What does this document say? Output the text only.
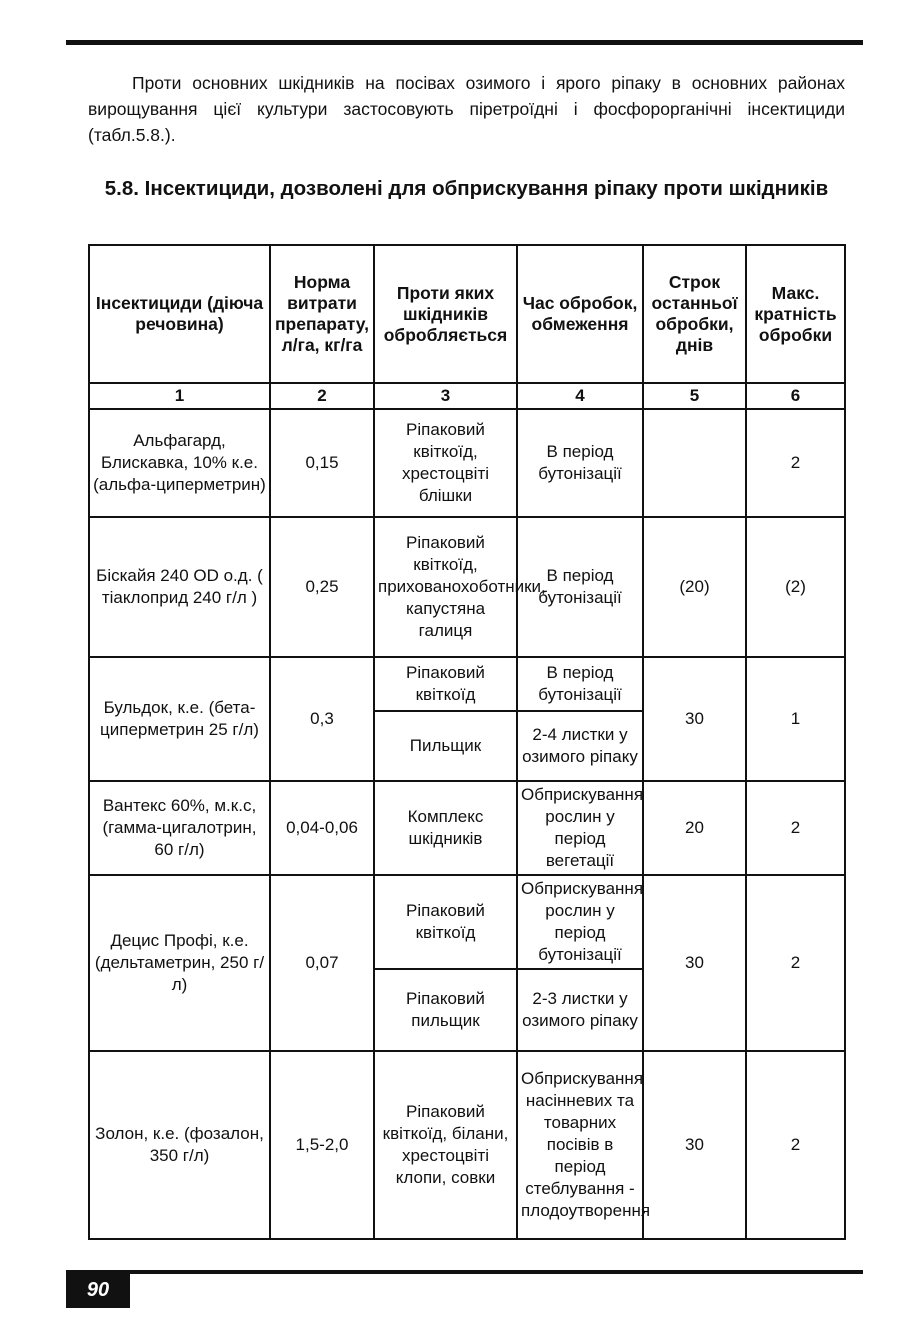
Проти основних шкідників на посівах озимого і ярого ріпаку в основних районах вирощування цієї культури застосовують піретроїдні і фосфорорганічні інсектициди (табл.5.8.).

5.8. Інсектициди, дозволені для обприскування ріпаку проти шкідників
Інсектициди (діюча речовина)	Норма витрати препарату, л/га, кг/га	Проти яких шкідників обробляється	Час обробок, обмеження	Строк останньої обробки, днів	Макс. кратність обробки
1	2	3	4	5	6
Альфагард, Блискавка, 10% к.е. (альфа-циперметрин)	0,15	Ріпаковий квіткоїд, хрестоцвіті блішки	В період бутонізації		2
Біскайя 240 OD о.д. ( тіаклоприд 240 г/л )	0,25	Ріпаковий квіткоїд, прихованохоботники, капустяна галиця	В період бутонізації	(20)	(2)
Бульдок, к.е. (бета-циперметрин 25 г/л)	0,3	Ріпаковий квіткоїд	В період бутонізації	30	1
		Пильщик	2-4 листки у озимого ріпаку		
Вантекс 60%, м.к.с, (гамма-цигалотрин, 60 г/л)	0,04-0,06	Комплекс шкідників	Обприскування рослин у період вегетації	20	2
Децис Профі, к.е. (дельтаметрин, 250 г/л)	0,07	Ріпаковий квіткоїд	Обприскування рослин у період бутонізації	30	2
		Ріпаковий пильщик	2-3 листки у озимого ріпаку		
Золон, к.е. (фозалон, 350 г/л)	1,5-2,0	Ріпаковий квіткоїд, білани, хрестоцвіті клопи, совки	Обприскування насінневих та товарних посівів в період стеблування - плодоутворення	30	2
90
